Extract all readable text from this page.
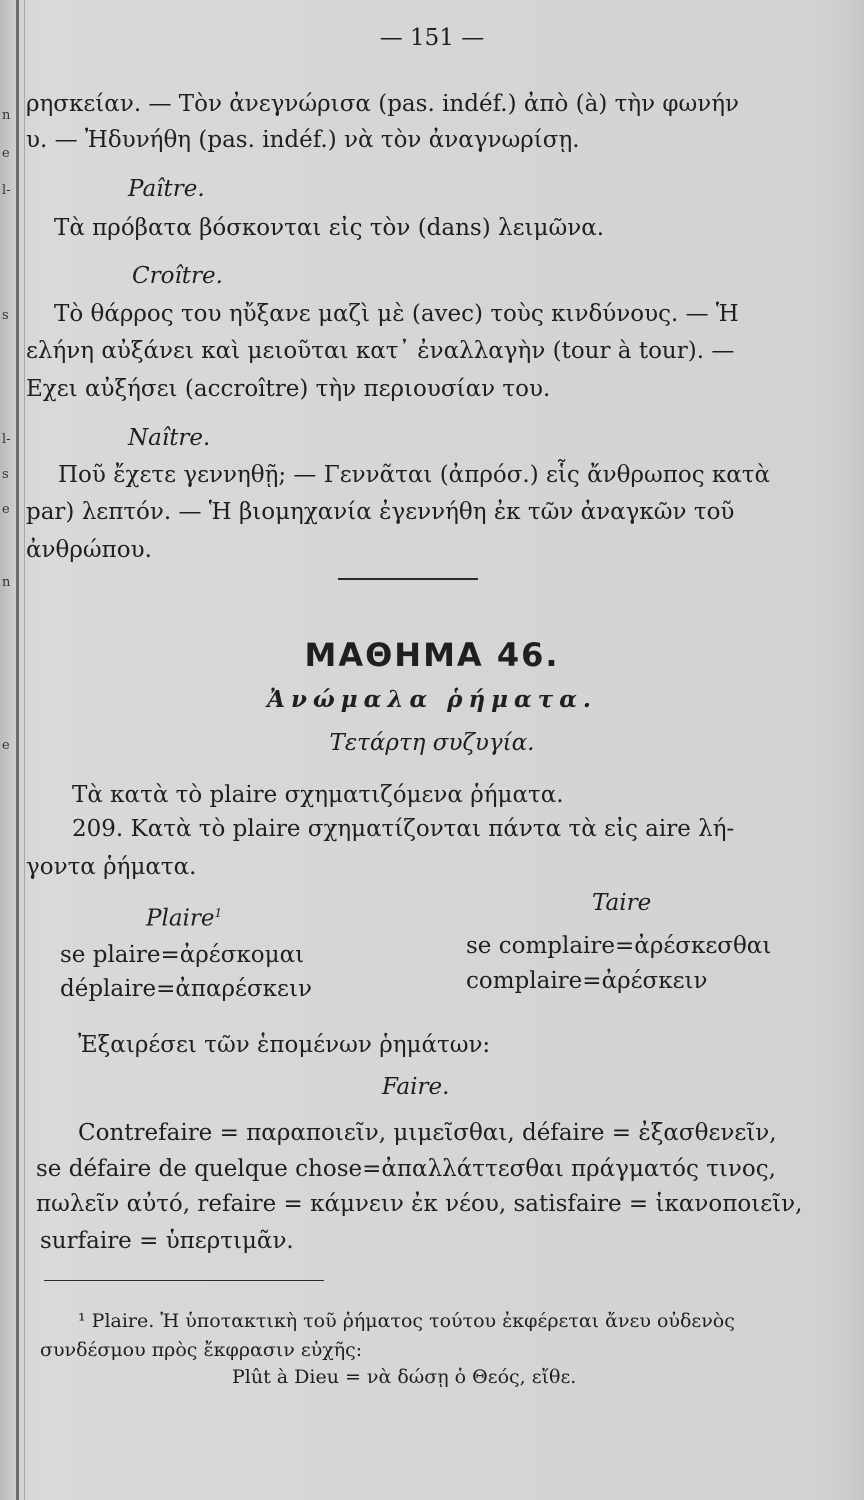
n
e
l-
s
l-
s
e
n
e
— 151 —
ρησκείαν. — Τὸν ἀνεγνώρισα (pas. indéf.) ἀπὸ (à) τὴν φωνήν
υ. — Ἠδυνήθη (pas. indéf.) νὰ τὸν ἀναγνωρίσῃ.
Paître.
Τὰ πρόβατα βόσκονται εἰς τὸν (dans) λειμῶνα.
Croître.
Τὸ θάρρος του ηὔξανε μαζὶ μὲ (avec) τοὺς κινδύνους. — Ἡ
ελήνη αὐξάνει καὶ μειοῦται κατ᾽ ἐναλλαγὴν (tour à tour). —
Εχει αὐξήσει (accroître) τὴν περιουσίαν του.
Naître.
Ποῦ ἔχετε γεννηθῇ; — Γεννᾶται (ἀπρόσ.) εἷς ἄνθρωπος κατὰ
par) λεπτόν. — Ἡ βιομηχανία ἐγεννήθη ἐκ τῶν ἀναγκῶν τοῦ
ἀνθρώπου.
ΜΑΘΗΜΑ 46.
Ἀνώμαλα ῥήματα.
Τετάρτη συζυγία.
Τὰ κατὰ τὸ plaire σχηματιζόμενα ῥήματα.
209. Κατὰ τὸ plaire σχηματίζονται πάντα τὰ εἰς aire λή-
γοντα ῥήματα.
Plaire$^1$
se plaire=ἀρέσκομαι
déplaire=ἀπαρέσκειν
Taire
se complaire=ἀρέσκεσθαι
complaire=ἀρέσκειν
Ἐξαιρέσει τῶν ἑπομένων ῥημάτων:
Faire.
Contrefaire = παραποιεῖν, μιμεῖσθαι, défaire = ἐξασθενεῖν,
se défaire de quelque chose=ἀπαλλάττεσθαι πράγματός τινος,
πωλεῖν αὐτό, refaire = κάμνειν ἐκ νέου, satisfaire = ἱκανοποιεῖν,
surfaire = ὑπερτιμᾶν.
¹ Plaire. Ἡ ὑποτακτικὴ τοῦ ῥήματος τούτου ἐκφέρεται ἄνευ οὐδενὸς
συνδέσμου πρὸς ἔκφρασιν εὐχῆς:
Plût à Dieu = νὰ δώσῃ ὁ Θεός, εἴθε.
